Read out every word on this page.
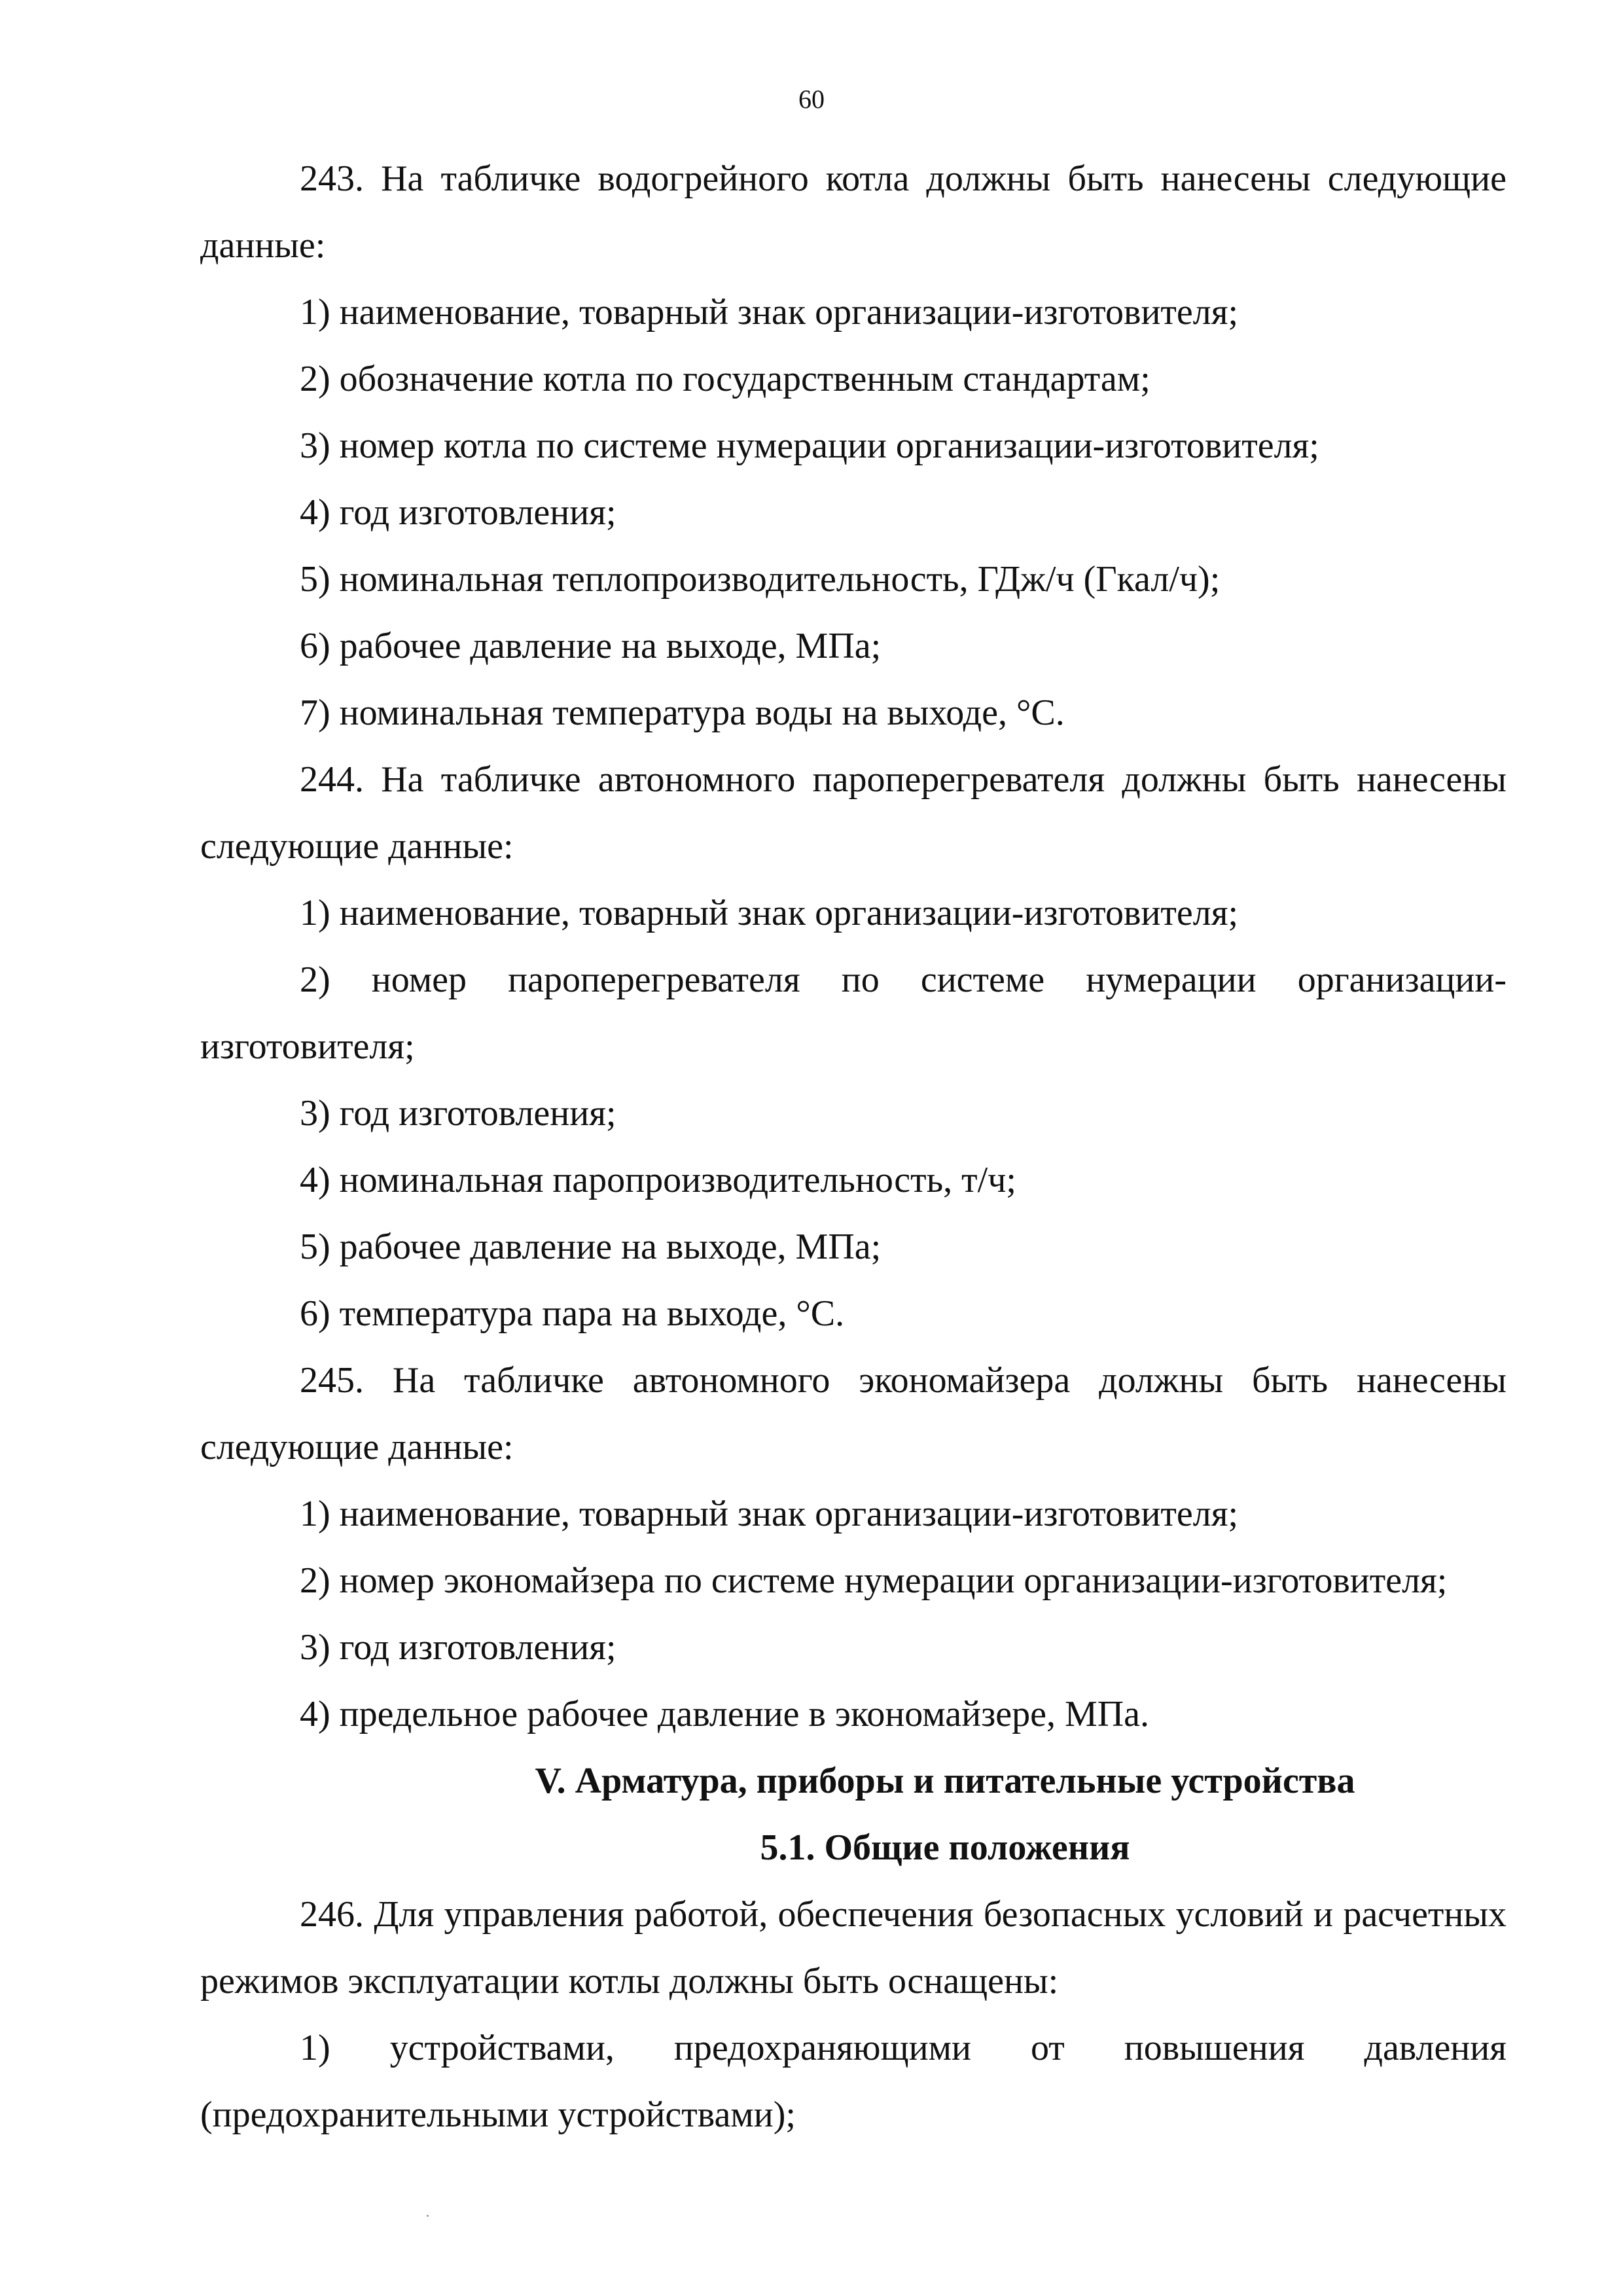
60

243. На табличке водогрейного котла должны быть нанесены следующие данные:

1) наименование, товарный знак организации-изготовителя;

2) обозначение котла по государственным стандартам;

3) номер котла по системе нумерации организации-изготовителя;

4) год изготовления;

5) номинальная теплопроизводительность, ГДж/ч (Гкал/ч);

6) рабочее давление на выходе, МПа;

7) номинальная температура воды на выходе, °С.

244. На табличке автономного пароперегревателя должны быть нанесены следующие данные:

1) наименование, товарный знак организации-изготовителя;

2) номер пароперегревателя по системе нумерации организации-изготовителя;

3) год изготовления;

4) номинальная паропроизводительность, т/ч;

5) рабочее давление на выходе, МПа;

6) температура пара на выходе, °С.

245. На табличке автономного экономайзера должны быть нанесены следующие данные:

1) наименование, товарный знак организации-изготовителя;

2) номер экономайзера по системе нумерации организации-изготовителя;

3) год изготовления;

4) предельное рабочее давление в экономайзере, МПа.

V. Арматура, приборы и питательные устройства

5.1. Общие положения

246. Для управления работой, обеспечения безопасных условий и расчетных режимов эксплуатации котлы должны быть оснащены:

1) устройствами, предохраняющими от повышения давления (предохранительными устройствами);
